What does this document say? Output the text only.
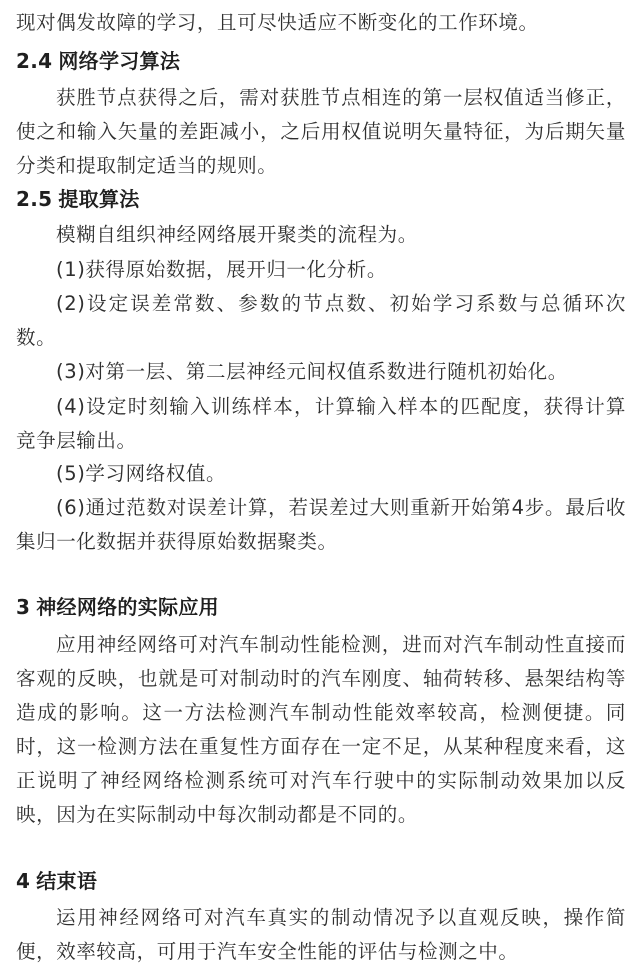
现对偶发故障的学习，且可尽快适应不断变化的工作环境。

2.4 网络学习算法

获胜节点获得之后，需对获胜节点相连的第一层权值适当修正，使之和输入矢量的差距减小，之后用权值说明矢量特征，为后期矢量分类和提取制定适当的规则。

2.5 提取算法

模糊自组织神经网络展开聚类的流程为。

(1)获得原始数据，展开归一化分析。

(2)设定误差常数、参数的节点数、初始学习系数与总循环次数。

(3)对第一层、第二层神经元间权值系数进行随机初始化。

(4)设定时刻输入训练样本，计算输入样本的匹配度，获得计算竞争层输出。

(5)学习网络权值。

(6)通过范数对误差计算，若误差过大则重新开始第4步。最后收集归一化数据并获得原始数据聚类。

3 神经网络的实际应用

应用神经网络可对汽车制动性能检测，进而对汽车制动性直接而客观的反映，也就是可对制动时的汽车刚度、轴荷转移、悬架结构等造成的影响。这一方法检测汽车制动性能效率较高，检测便捷。同时，这一检测方法在重复性方面存在一定不足，从某种程度来看，这正说明了神经网络检测系统可对汽车行驶中的实际制动效果加以反映，因为在实际制动中每次制动都是不同的。

4 结束语

运用神经网络可对汽车真实的制动情况予以直观反映，操作简便，效率较高，可用于汽车安全性能的评估与检测之中。
